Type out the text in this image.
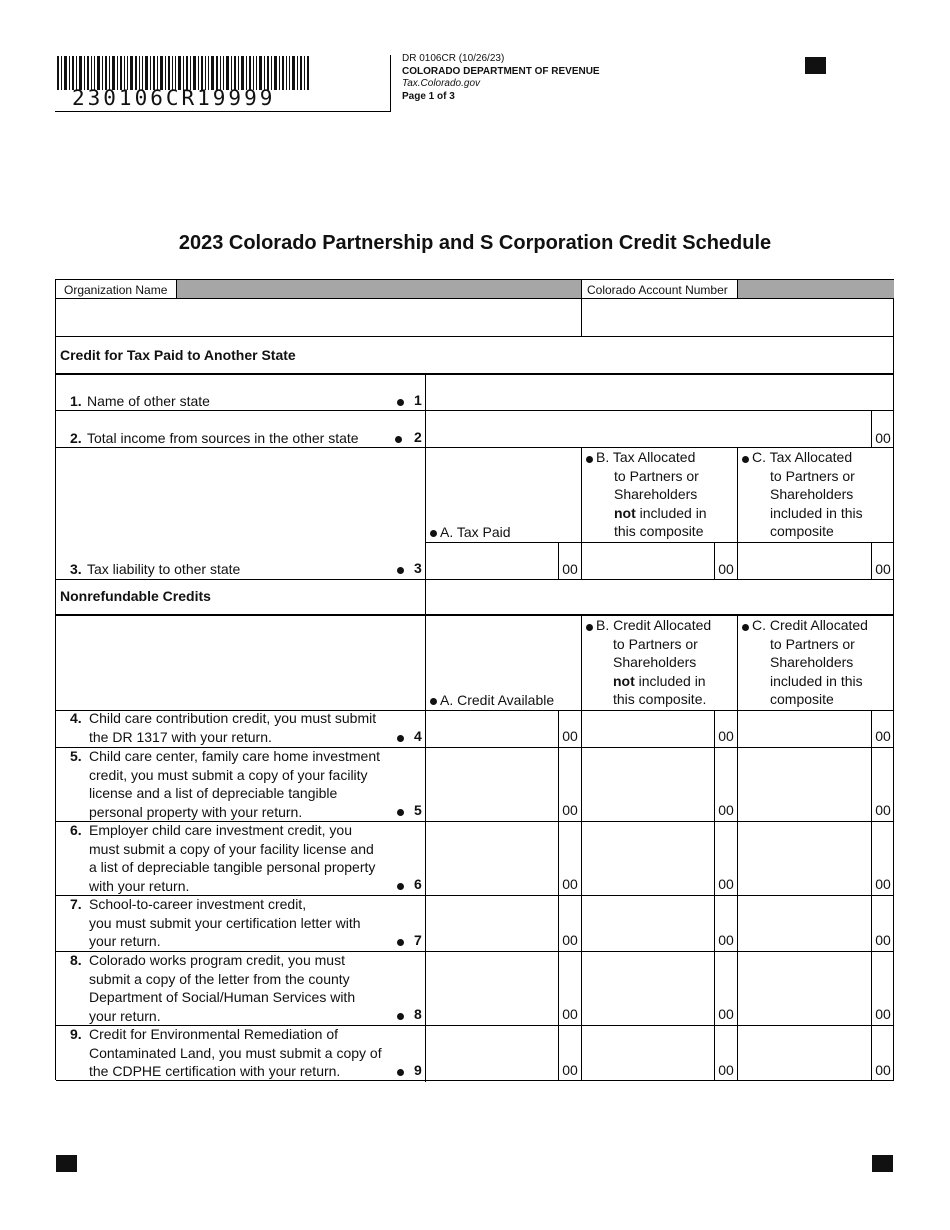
230106CR19999
DR 0106CR (10/26/23)
COLORADO DEPARTMENT OF REVENUE
Tax.Colorado.gov
Page 1 of 3
2023 Colorado Partnership and S Corporation Credit Schedule
Organization Name	Colorado Account Number
Credit for Tax Paid to Another State
1. Name of other state	1
2. Total income from sources in the other state	2	00
A. Tax Paid
B. Tax Allocated
to Partners or
Shareholders
not included in
this composite
C. Tax Allocated
to Partners or
Shareholders
included in this
composite
3. Tax liability to other state	3	00	00	00
Nonrefundable Credits
A. Credit Available
B. Credit Allocated
to Partners or
Shareholders
not included in
this composite.
C. Credit Allocated
to Partners or
Shareholders
included in this
composite
4. Child care contribution credit, you must submit
the DR 1317 with your return.	4	00	00	00
5. Child care center, family care home investment
credit, you must submit a copy of your facility
license and a list of depreciable tangible
personal property with your return.	5	00	00	00
6. Employer child care investment credit, you
must submit a copy of your facility license and
a list of depreciable tangible personal property
with your return.	6	00	00	00
7. School-to-career investment credit,
you must submit your certification letter with
your return.	7	00	00	00
8. Colorado works program credit, you must
submit a copy of the letter from the county
Department of Social/Human Services with
your return.	8	00	00	00
9. Credit for Environmental Remediation of
Contaminated Land, you must submit a copy of
the CDPHE certification with your return.	9	00	00	00
